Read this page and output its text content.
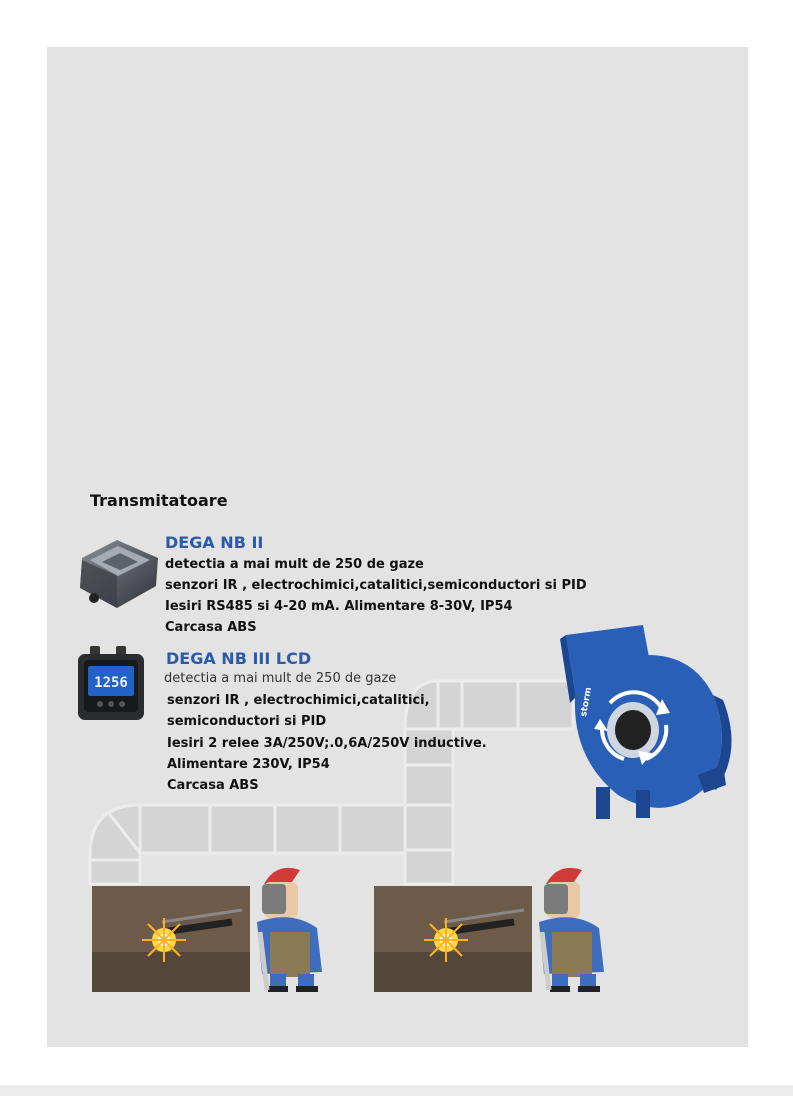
Transmitatoare
DEGA NB II
detectia a mai mult de 250 de gaze
senzori IR , electrochimici,catalitici,semiconductori si PID
Iesiri RS485 si 4-20 mA. Alimentare 8-30V, IP54
Carcasa ABS
1256
DEGA NB III LCD
detectia a mai mult de 250 de gaze
senzori IR , electrochimici,catalitici,
semiconductori si PID
Iesiri 2 relee 3A/250V;.0,6A/250V inductive.
Alimentare 230V, IP54
Carcasa ABS
storm
